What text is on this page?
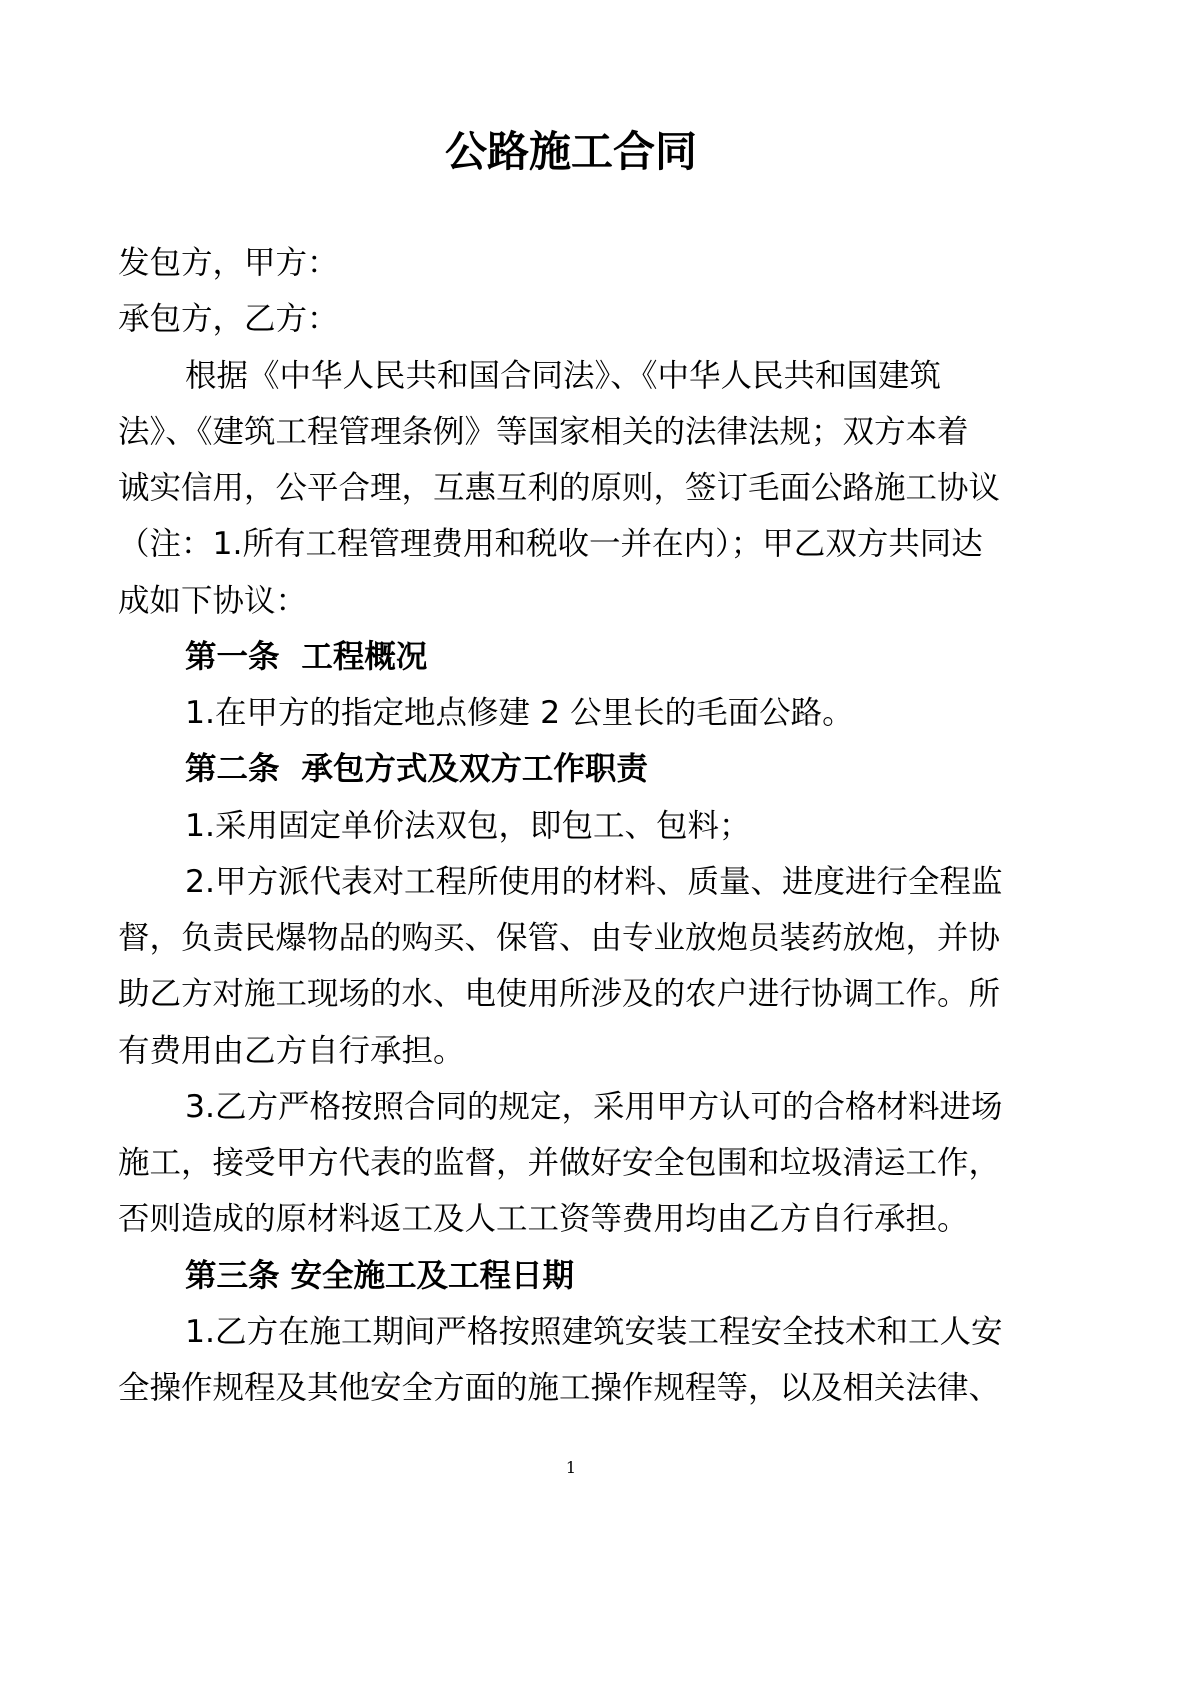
公路施工合同
发包方，甲方：
承包方，乙方：
根据《中华人民共和国合同法》、《中华人民共和国建筑
法》、《建筑工程管理条例》等国家相关的法律法规；双方本着
诚实信用，公平合理，互惠互利的原则，签订毛面公路施工协议
（注：1.所有工程管理费用和税收一并在内）；甲乙双方共同达
成如下协议：
第一条  工程概况
1.在甲方的指定地点修建 2 公里长的毛面公路。
第二条  承包方式及双方工作职责
1.采用固定单价法双包，即包工、包料；
2.甲方派代表对工程所使用的材料、质量、进度进行全程监
督，负责民爆物品的购买、保管、由专业放炮员装药放炮，并协
助乙方对施工现场的水、电使用所涉及的农户进行协调工作。所
有费用由乙方自行承担。
3.乙方严格按照合同的规定，采用甲方认可的合格材料进场
施工，接受甲方代表的监督，并做好安全包围和垃圾清运工作，
否则造成的原材料返工及人工工资等费用均由乙方自行承担。
第三条 安全施工及工程日期
1.乙方在施工期间严格按照建筑安装工程安全技术和工人安
全操作规程及其他安全方面的施工操作规程等，以及相关法律、
1
